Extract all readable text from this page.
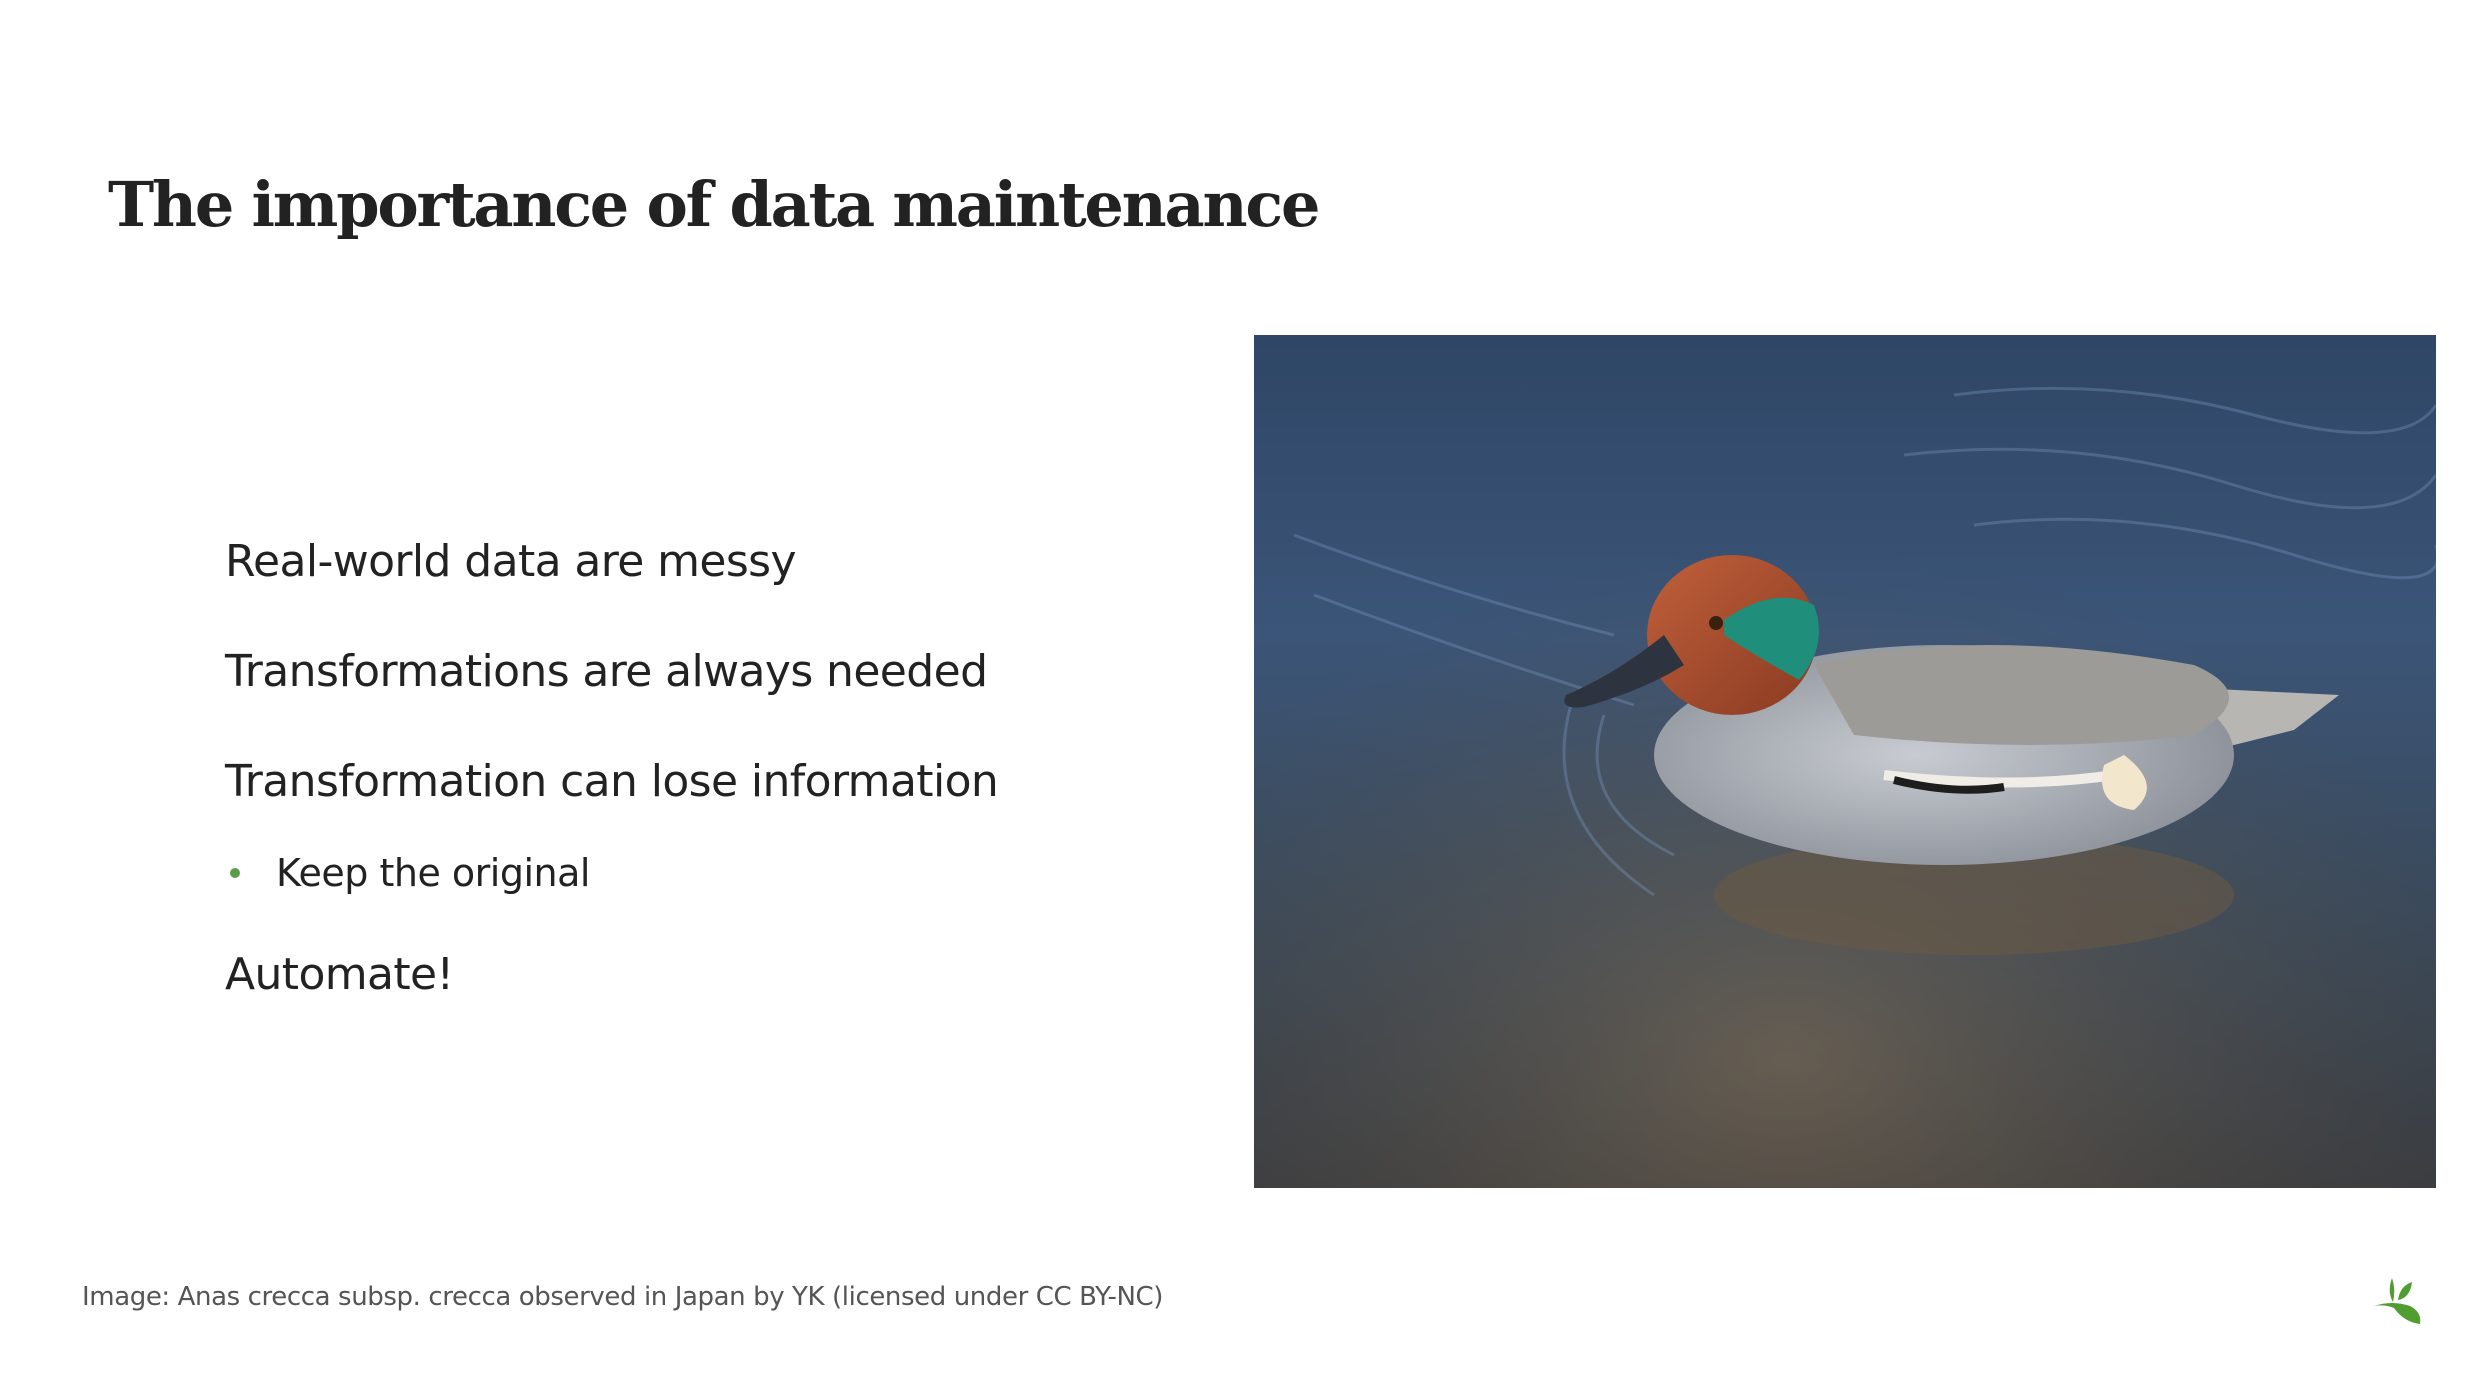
The importance of data maintenance
Real-world data are messy
Transformations are always needed
Transformation can lose information
Keep the original
Automate!
Image: Anas crecca subsp. crecca observed in Japan by YK (licensed under CC BY-NC)
